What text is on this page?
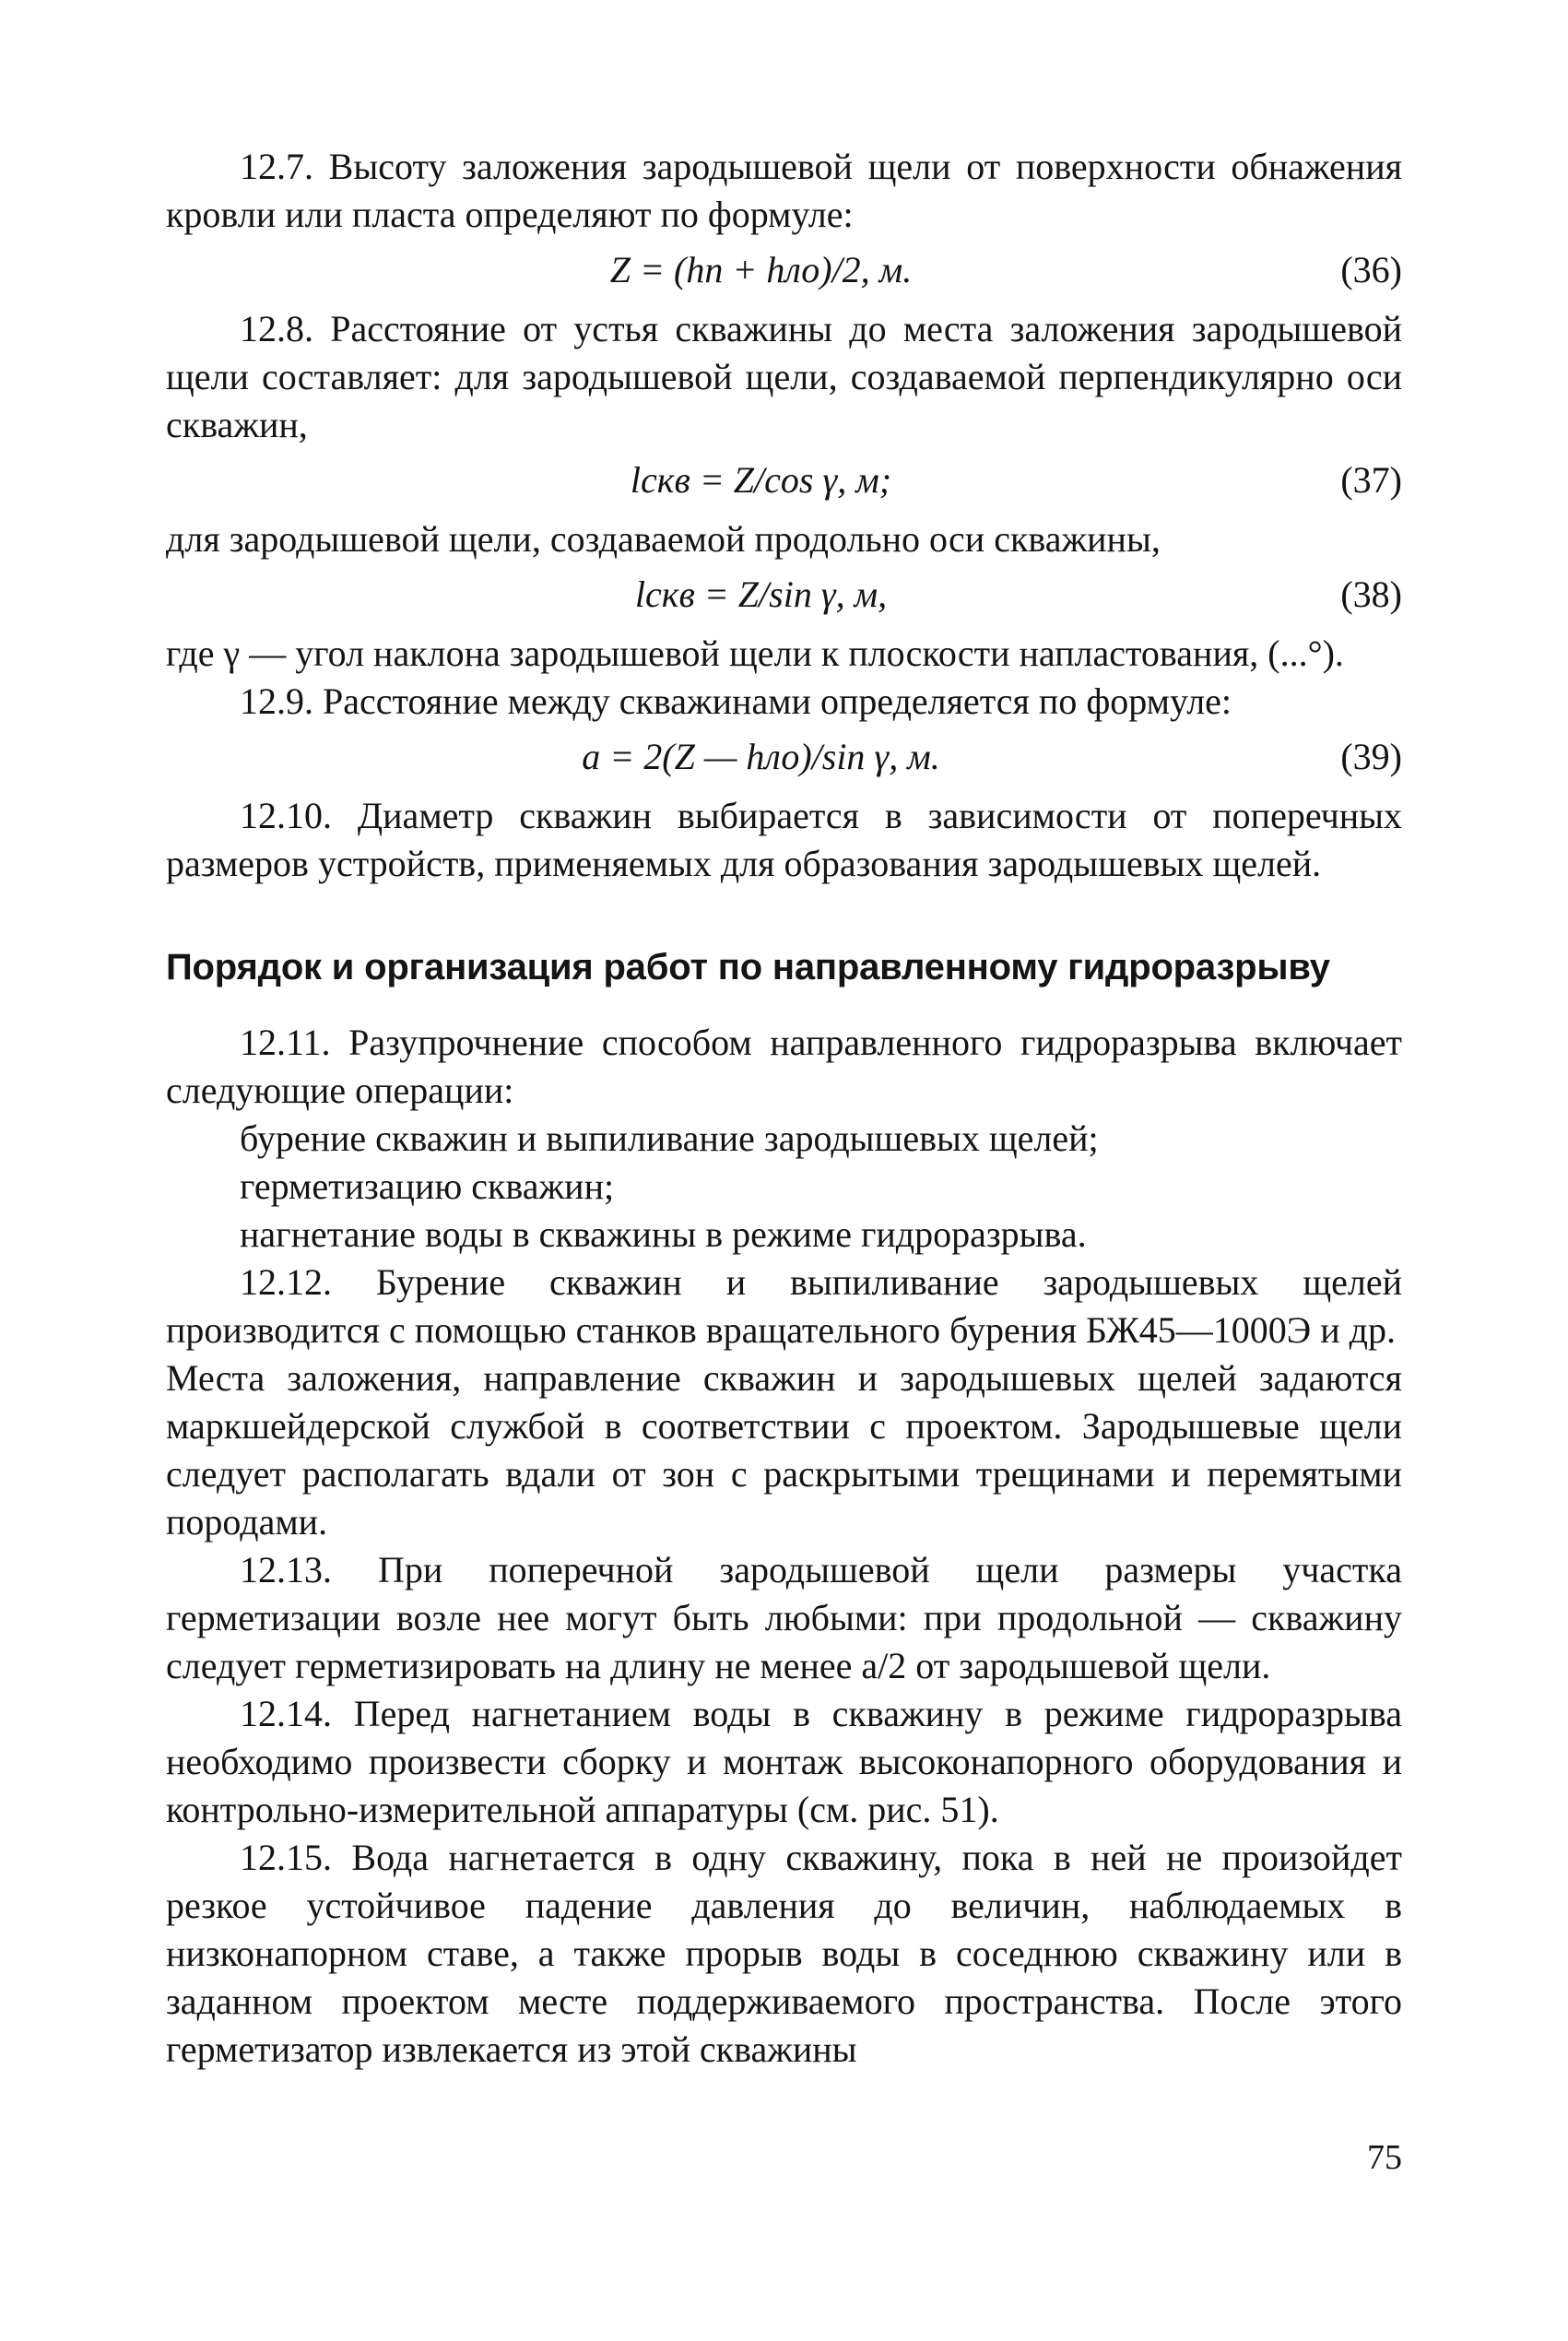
12.7. Высоту заложения зародышевой щели от поверхности обнажения кровли или пласта определяют по формуле:

Z = (hп + hло)/2, м.	(36)

12.8. Расстояние от устья скважины до места заложения зародышевой щели составляет: для зародышевой щели, создаваемой перпендикулярно оси скважин,

lскв = Z/cos γ, м;	(37)

для зародышевой щели, создаваемой продольно оси скважины,

lскв = Z/sin γ, м,	(38)

где γ — угол наклона зародышевой щели к плоскости напластования, (...°).

12.9. Расстояние между скважинами определяется по формуле:

a = 2(Z — hло)/sin γ, м.	(39)

12.10. Диаметр скважин выбирается в зависимости от поперечных размеров устройств, применяемых для образования зародышевых щелей.

Порядок и организация работ по направленному гидроразрыву

12.11. Разупрочнение способом направленного гидроразрыва включает следующие операции:

бурение скважин и выпиливание зародышевых щелей;

герметизацию скважин;

нагнетание воды в скважины в режиме гидроразрыва.

12.12. Бурение скважин и выпиливание зародышевых щелей производится с помощью станков вращательного бурения БЖ45—1000Э и др.

Места заложения, направление скважин и зародышевых щелей задаются маркшейдерской службой в соответствии с проектом. Зародышевые щели следует располагать вдали от зон с раскрытыми трещинами и перемятыми породами.

12.13. При поперечной зародышевой щели размеры участка герметизации возле нее могут быть любыми: при продольной — скважину следует герметизировать на длину не менее a/2 от зародышевой щели.

12.14. Перед нагнетанием воды в скважину в режиме гидроразрыва необходимо произвести сборку и монтаж высоконапорного оборудования и контрольно-измерительной аппаратуры (см. рис. 51).

12.15. Вода нагнетается в одну скважину, пока в ней не произойдет резкое устойчивое падение давления до величин, наблюдаемых в низконапорном ставе, а также прорыв воды в соседнюю скважину или в заданном проектом месте поддерживаемого пространства. После этого герметизатор извлекается из этой скважины

75
